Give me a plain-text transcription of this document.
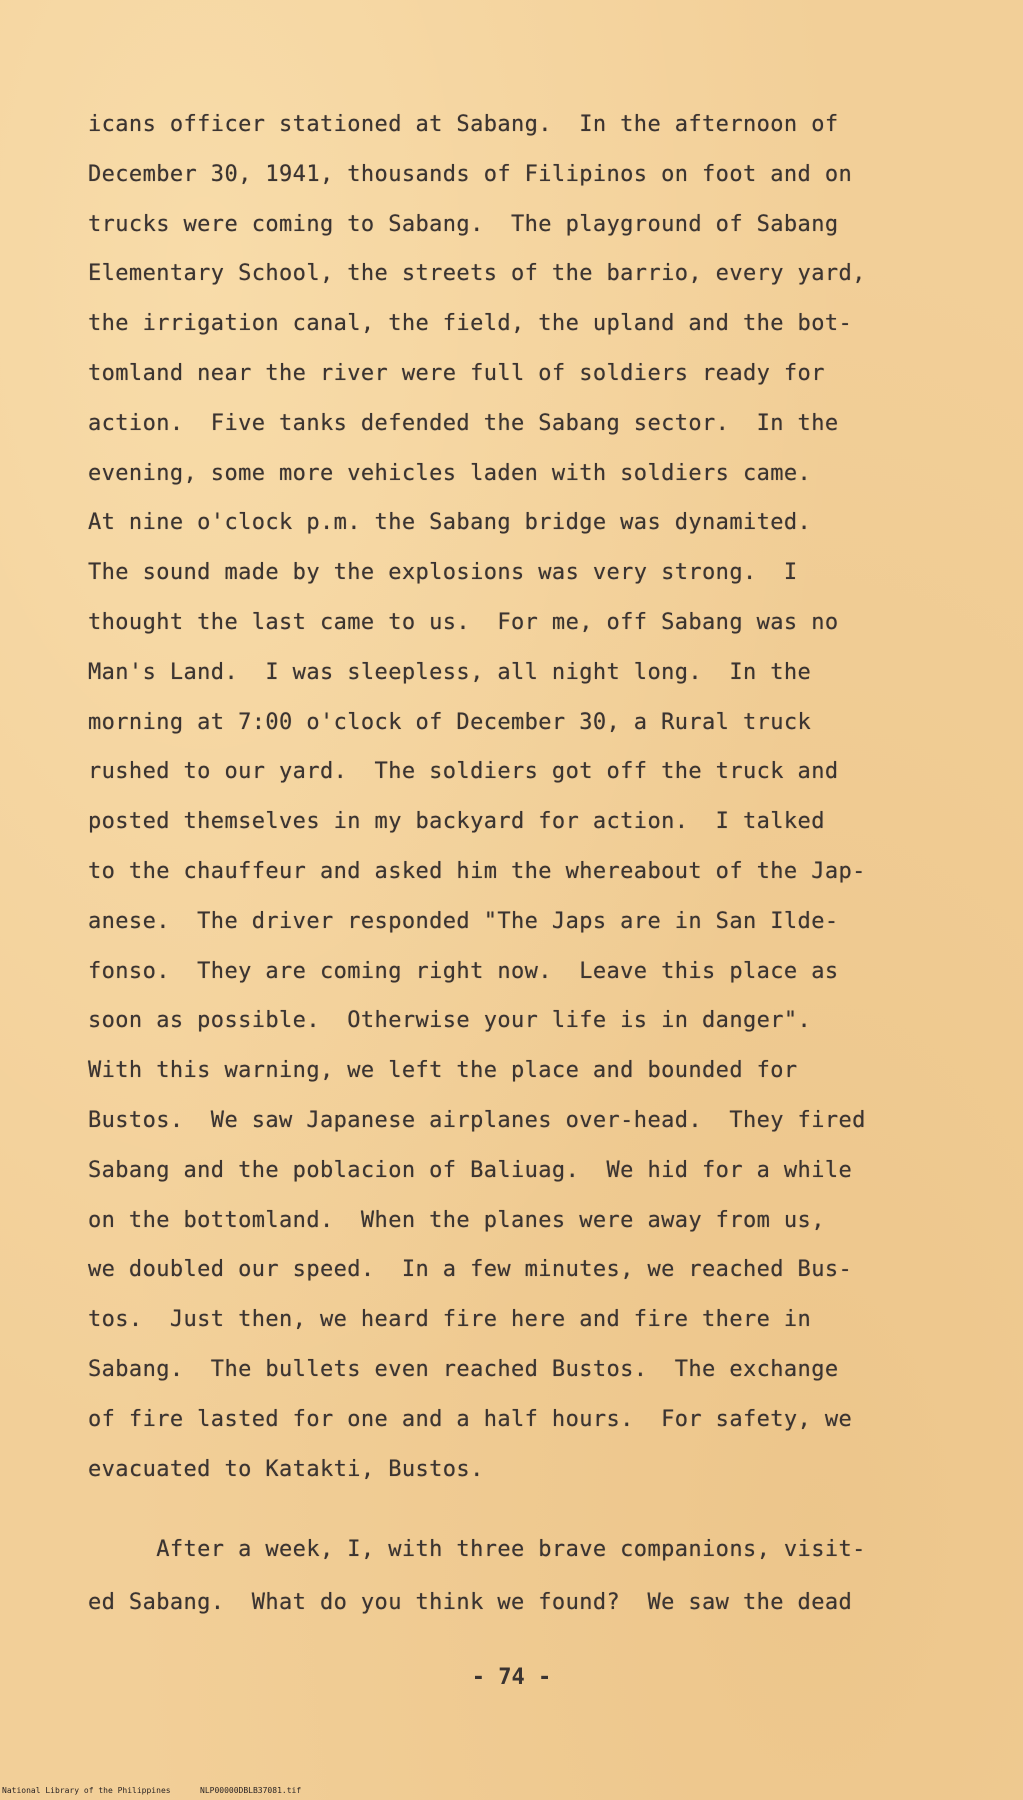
icans officer stationed at Sabang.  In the afternoon of
December 30, 1941, thousands of Filipinos on foot and on
trucks were coming to Sabang.  The playground of Sabang
Elementary School, the streets of the barrio, every yard,
the irrigation canal, the field, the upland and the bot-
tomland near the river were full of soldiers ready for
action.  Five tanks defended the Sabang sector.  In the
evening, some more vehicles laden with soldiers came.
At nine o'clock p.m. the Sabang bridge was dynamited.
The sound made by the explosions was very strong.  I
thought the last came to us.  For me, off Sabang was no
Man's Land.  I was sleepless, all night long.  In the
morning at 7:00 o'clock of December 30, a Rural truck
rushed to our yard.  The soldiers got off the truck and
posted themselves in my backyard for action.  I talked
to the chauffeur and asked him the whereabout of the Jap-
anese.  The driver responded "The Japs are in San Ilde-
fonso.  They are coming right now.  Leave this place as
soon as possible.  Otherwise your life is in danger".
With this warning, we left the place and bounded for
Bustos.  We saw Japanese airplanes over-head.  They fired
Sabang and the poblacion of Baliuag.  We hid for a while
on the bottomland.  When the planes were away from us,
we doubled our speed.  In a few minutes, we reached Bus-
tos.  Just then, we heard fire here and fire there in
Sabang.  The bullets even reached Bustos.  The exchange
of fire lasted for one and a half hours.  For safety, we
evacuated to Katakti, Bustos.
After a week, I, with three brave companions, visit-
ed Sabang.  What do you think we found?  We saw the dead
- 74 -
National Library of the Philippines	NLP00000DBLB37081.tif
